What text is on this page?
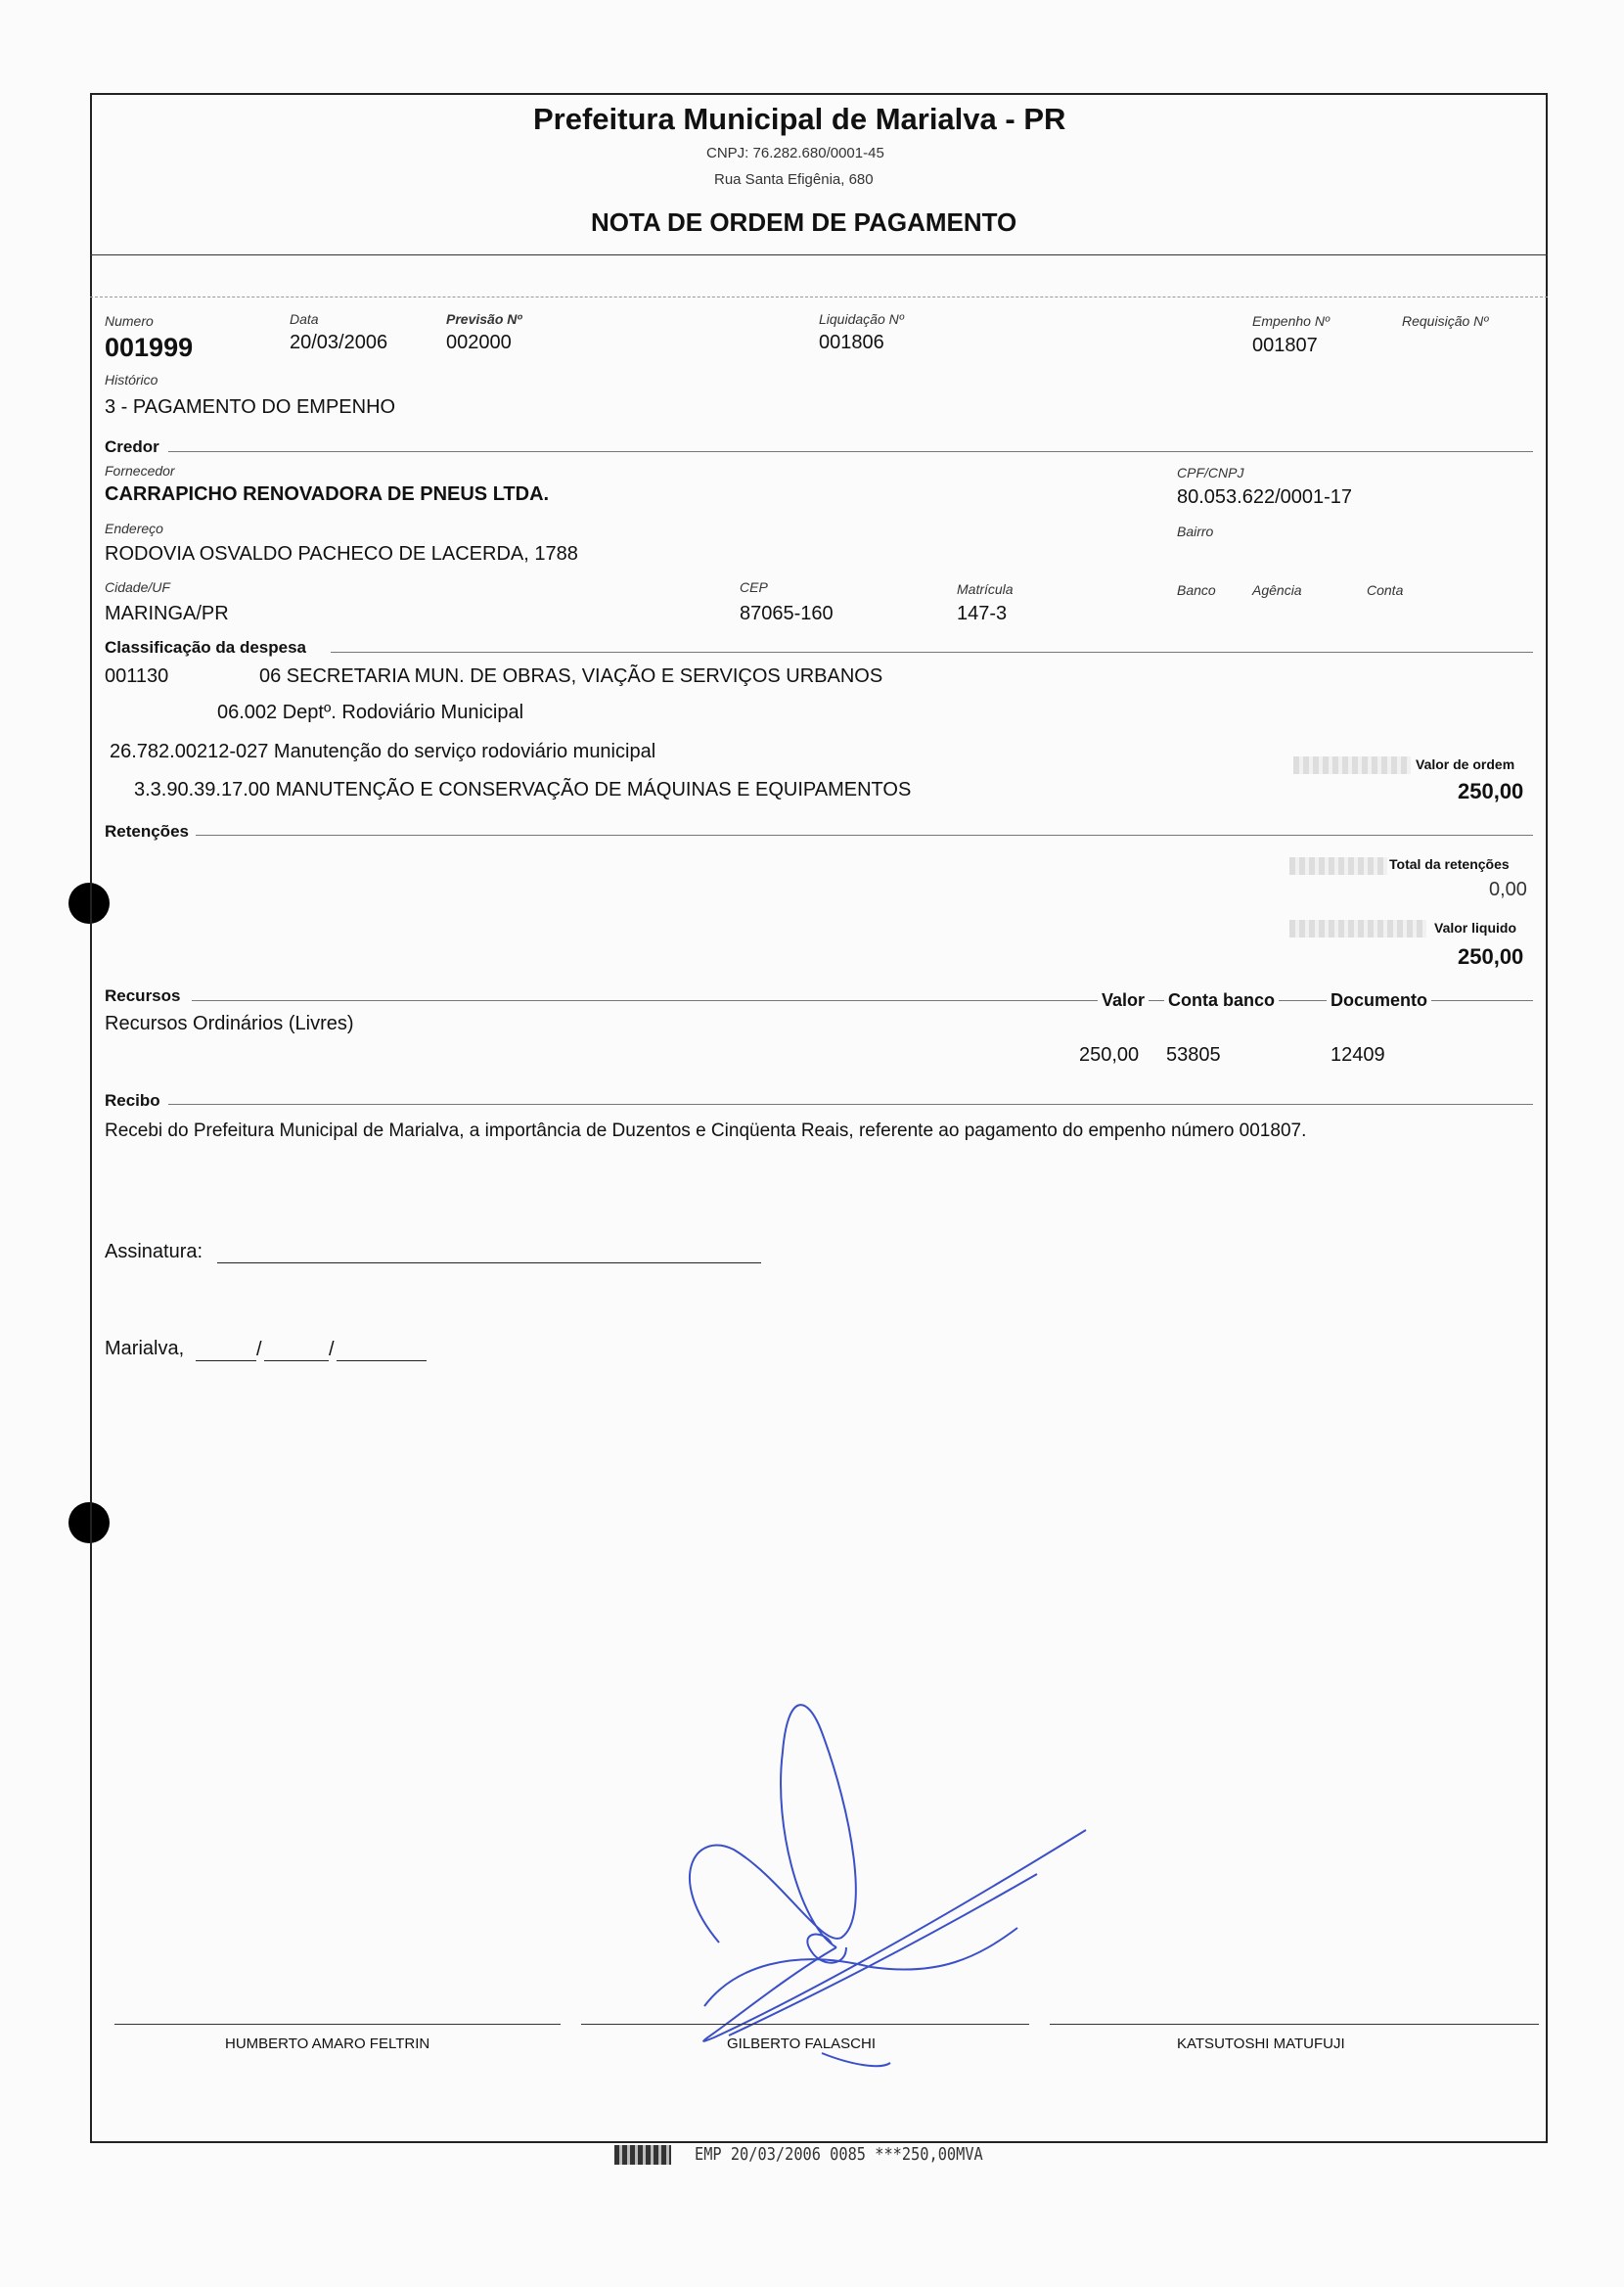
Prefeitura Municipal de Marialva - PR
CNPJ: 76.282.680/0001-45
Rua Santa Efigênia, 680
NOTA DE ORDEM DE PAGAMENTO
Numero
001999
Data
20/03/2006
Previsão Nº
002000
Liquidação Nº
001806
Empenho Nº
001807
Requisição Nº
Histórico
3 - PAGAMENTO DO EMPENHO
Credor
Fornecedor
CARRAPICHO RENOVADORA DE PNEUS LTDA.
CPF/CNPJ
80.053.622/0001-17
Endereço
RODOVIA OSVALDO PACHECO DE LACERDA, 1788
Bairro
Cidade/UF
MARINGA/PR
CEP
87065-160
Matrícula
147-3
Banco	Agência	Conta
Classificação da despesa
001130	06 SECRETARIA MUN. DE OBRAS, VIAÇÃO E SERVIÇOS URBANOS
06.002 Deptº. Rodoviário Municipal
26.782.00212-027 Manutenção do serviço rodoviário municipal
3.3.90.39.17.00 MANUTENÇÃO E CONSERVAÇÃO DE MÁQUINAS E EQUIPAMENTOS
Valor de ordem
250,00
Retenções
Total da retenções
0,00
Valor liquido
250,00
Recursos	Valor Conta banco	Documento
Recursos Ordinários (Livres)
250,00 53805	12409
Recibo
Recebi do Prefeitura Municipal de Marialva, a importância de Duzentos e Cinqüenta Reais, referente ao pagamento do empenho número 001807.
Assinatura:
Marialva,	/	/
HUMBERTO AMARO FELTRIN	GILBERTO FALASCHI	KATSUTOSHI MATUFUJI
EMP 20/03/2006 0085 ***250,00MVA
